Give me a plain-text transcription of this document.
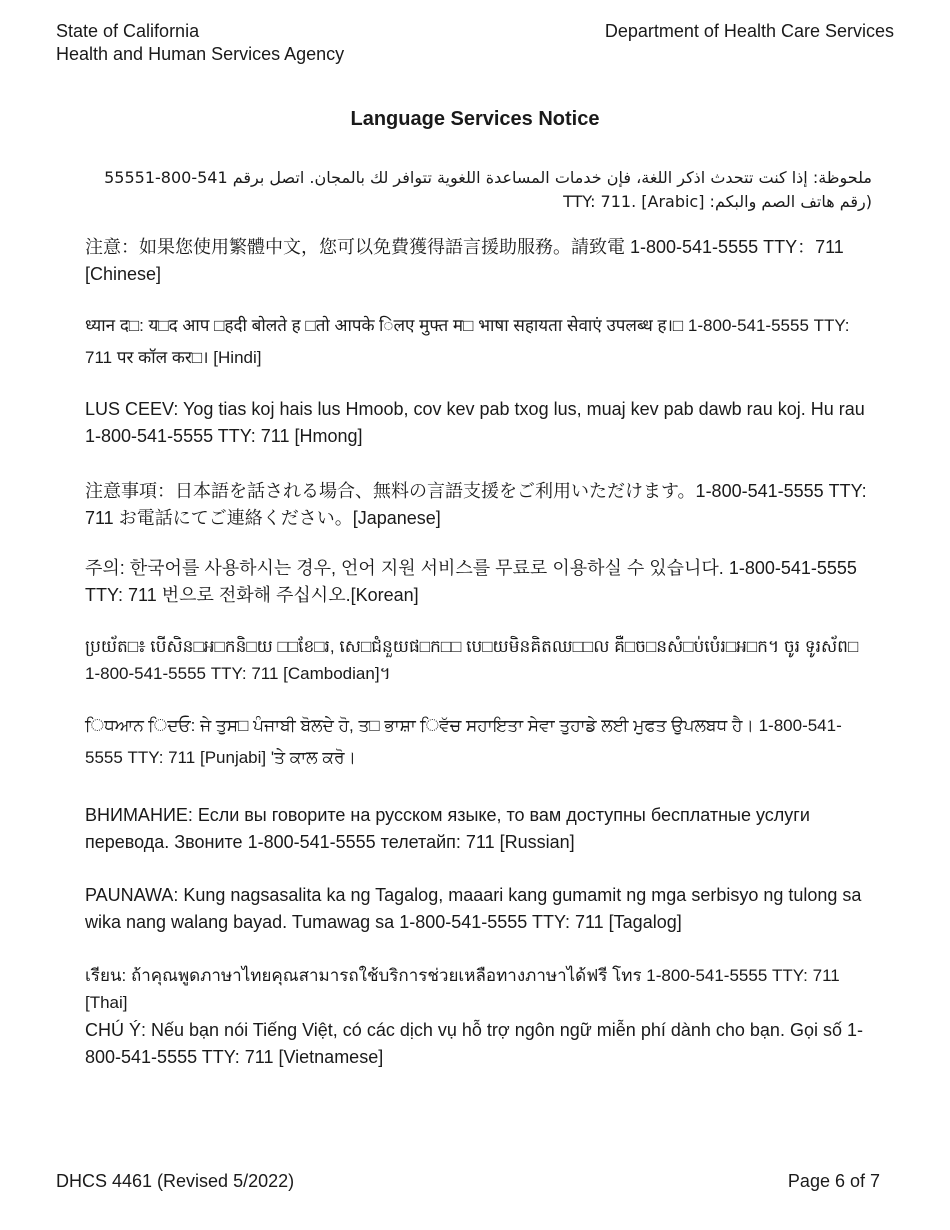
State of California
Health and Human Services Agency
Department of Health Care Services
Language Services Notice

ملحوظة: إذا كنت تتحدث اذكر اللغة، فإن خدمات المساعدة اللغوية تتوافر لك بالمجان. اتصل برقم 541-800-55551 (رقم هاتف الصم والبكم: TTY: 711. [Arabic]

注意：如果您使用繁體中文，您可以免費獲得語言援助服務。請致電 1-800-541-5555 TTY：711 [Chinese]

ध्यान द□: य□द आप □हदी बोलते ह □तो आपके िलए मुफ्त म□ भाषा सहायता सेवाएं उपलब्ध ह।□ 1-800-541-5555 TTY: 711 पर कॉल कर□। [Hindi]

LUS CEEV: Yog tias koj hais lus Hmoob, cov kev pab txog lus, muaj kev pab dawb rau koj. Hu rau 1-800-541-5555 TTY: 711 [Hmong]

注意事項：日本語を話される場合、無料の言語支援をご利用いただけます。1-800-541-5555 TTY: 711 お電話にてご連絡ください。[Japanese]

주의: 한국어를 사용하시는 경우, 언어 지원 서비스를 무료로 이용하실 수 있습니다. 1-800-541-5555 TTY: 711 번으로 전화해 주십시오.[Korean]

ប្រយ័ត□៖ បើសិន□អ□កនិ□យ □□ខែ□រ, សេ□ជំនួយផ□ក□□ បេ□យមិនគិតឈ□□ល គឺ□ច□នសំ□ប់បំេរ□អ□ក។ ចូរ ទូរស័ព□ 1-800-541-5555 TTY: 711 [Cambodian]។

ਿਧਆਨ ਿਦਓ: ਜੇ ਤੁਸ□ ਪੰਜਾਬੀ ਬੋਲਦੇ ਹੋ, ਤ□ ਭਾਸ਼ਾ ਿਵੱਚ ਸਹਾਇਤਾ ਸੇਵਾ ਤੁਹਾਡੇ ਲਈ ਮੁਫਤ ਉਪਲਬਧ ਹੈ। 1-800-541-5555 TTY: 711 [Punjabi] 'ਤੇ ਕਾਲ ਕਰੋ।

ВНИМАНИЕ: Если вы говорите на русском языке, то вам доступны бесплатные услуги перевода. Звоните 1-800-541-5555 телетайп: 711 [Russian]

PAUNAWA: Kung nagsasalita ka ng Tagalog, maaari kang gumamit ng mga serbisyo ng tulong sa wika nang walang bayad. Tumawag sa 1-800-541-5555 TTY: 711 [Tagalog]

เรียน: ถ้าคุณพูดภาษาไทยคุณสามารถใช้บริการช่วยเหลือทางภาษาได้ฟรี โทร 1-800-541-5555 TTY: 711 [Thai]

CHÚ Ý: Nếu bạn nói Tiếng Việt, có các dịch vụ hỗ trợ ngôn ngữ miễn phí dành cho bạn. Gọi số 1-800-541-5555 TTY: 711 [Vietnamese]

DHCS 4461 (Revised 5/2022)	Page 6 of 7
